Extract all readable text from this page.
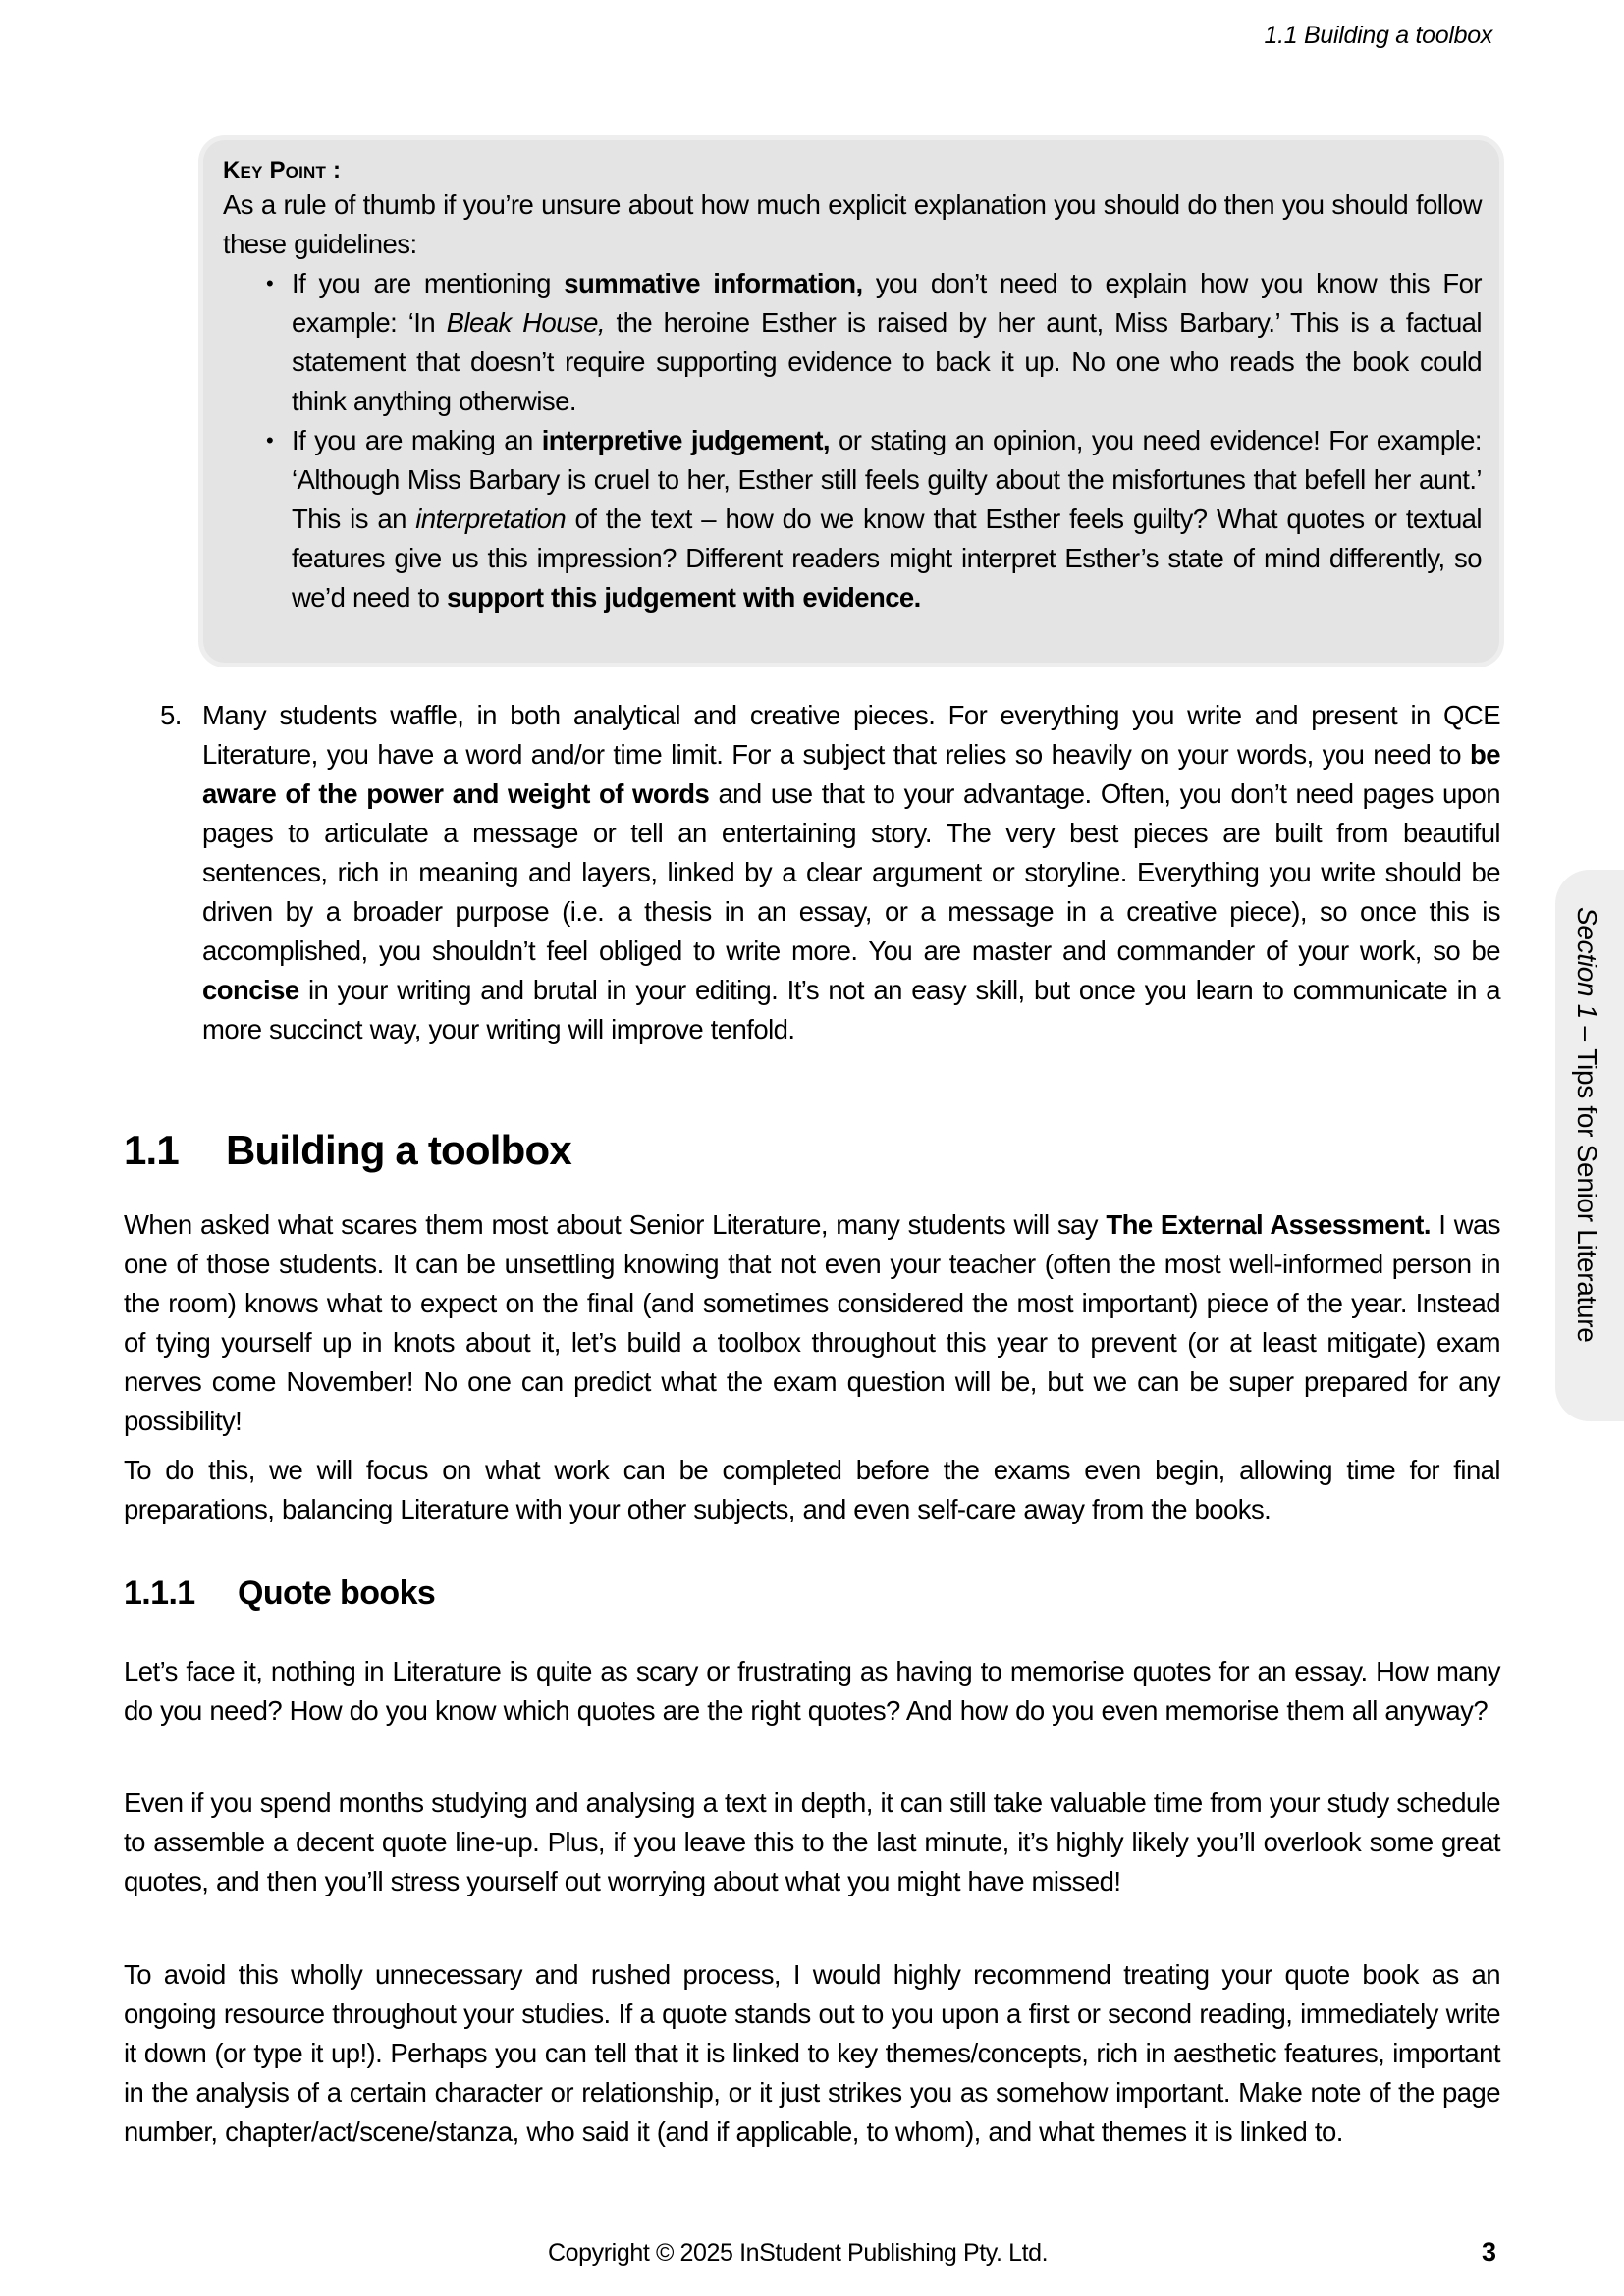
1.1 Building a toolbox
Key Point :

As a rule of thumb if you’re unsure about how much explicit explanation you should do then you should follow these guidelines:

• If you are mentioning summative information, you don’t need to explain how you know this For example: ‘In Bleak House, the heroine Esther is raised by her aunt, Miss Barbary.’ This is a factual statement that doesn’t require supporting evidence to back it up. No one who reads the book could think anything otherwise.
• If you are making an interpretive judgement, or stating an opinion, you need evidence! For example: ‘Although Miss Barbary is cruel to her, Esther still feels guilty about the misfortunes that befell her aunt.’ This is an interpretation of the text – how do we know that Esther feels guilty? What quotes or textual features give us this impression? Different readers might interpret Esther’s state of mind differently, so we’d need to support this judgement with evidence.
5. Many students waffle, in both analytical and creative pieces. For everything you write and present in QCE Literature, you have a word and/or time limit. For a subject that relies so heavily on your words, you need to be aware of the power and weight of words and use that to your advantage. Often, you don’t need pages upon pages to articulate a message or tell an entertaining story. The very best pieces are built from beautiful sentences, rich in meaning and layers, linked by a clear argument or storyline. Everything you write should be driven by a broader purpose (i.e. a thesis in an essay, or a message in a creative piece), so once this is accomplished, you shouldn’t feel obliged to write more. You are master and commander of your work, so be concise in your writing and brutal in your editing. It’s not an easy skill, but once you learn to communicate in a more succinct way, your writing will improve tenfold.
1.1 Building a toolbox

When asked what scares them most about Senior Literature, many students will say The External Assessment. I was one of those students. It can be unsettling knowing that not even your teacher (often the most well-informed person in the room) knows what to expect on the final (and sometimes considered the most important) piece of the year. Instead of tying yourself up in knots about it, let’s build a toolbox throughout this year to prevent (or at least mitigate) exam nerves come November! No one can predict what the exam question will be, but we can be super prepared for any possibility!

To do this, we will focus on what work can be completed before the exams even begin, allowing time for final preparations, balancing Literature with your other subjects, and even self-care away from the books.

1.1.1 Quote books

Let’s face it, nothing in Literature is quite as scary or frustrating as having to memorise quotes for an essay. How many do you need? How do you know which quotes are the right quotes? And how do you even memorise them all anyway?

Even if you spend months studying and analysing a text in depth, it can still take valuable time from your study schedule to assemble a decent quote line-up. Plus, if you leave this to the last minute, it’s highly likely you’ll overlook some great quotes, and then you’ll stress yourself out worrying about what you might have missed!

To avoid this wholly unnecessary and rushed process, I would highly recommend treating your quote book as an ongoing resource throughout your studies. If a quote stands out to you upon a first or second reading, immediately write it down (or type it up!). Perhaps you can tell that it is linked to key themes/concepts, rich in aesthetic features, important in the analysis of a certain character or relationship, or it just strikes you as somehow important. Make note of the page number, chapter/act/scene/stanza, who said it (and if applicable, to whom), and what themes it is linked to.

Section 1 – Tips for Senior Literature
Copyright © 2025 InStudent Publishing Pty. Ltd.	3
